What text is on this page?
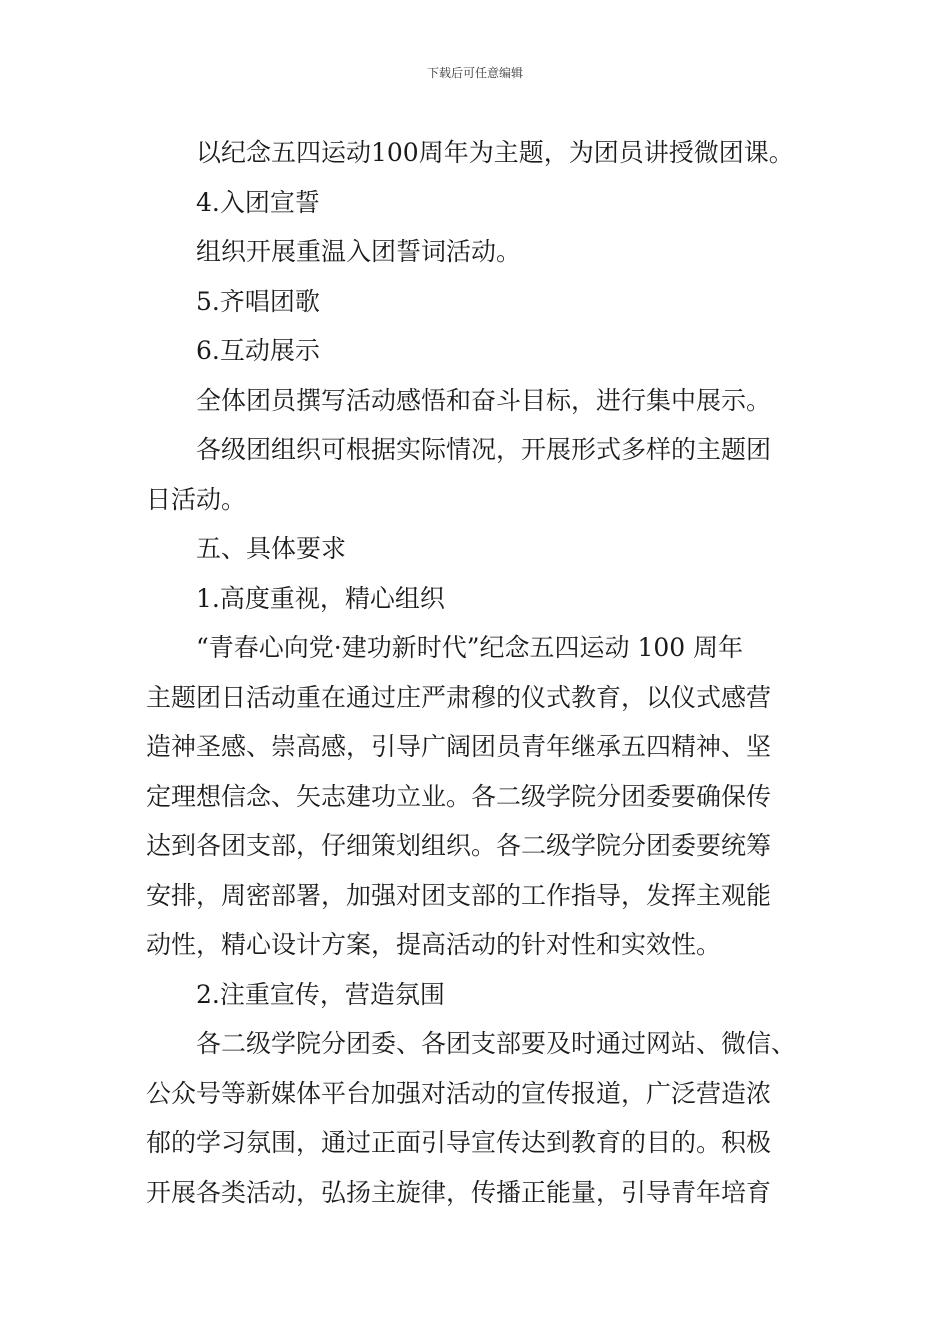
下载后可任意编辑

以纪念五四运动100周年为主题，为团员讲授微团课。

4.入团宣誓

组织开展重温入团誓词活动。

5.齐唱团歌

6.互动展示

全体团员撰写活动感悟和奋斗目标，进行集中展示。

各级团组织可根据实际情况，开展形式多样的主题团

日活动。

五、具体要求

1.高度重视，精心组织

“青春心向党·建功新时代”纪念五四运动 100 周年

主题团日活动重在通过庄严肃穆的仪式教育，以仪式感营

造神圣感、崇高感，引导广阔团员青年继承五四精神、坚

定理想信念、矢志建功立业。各二级学院分团委要确保传

达到各团支部，仔细策划组织。各二级学院分团委要统筹

安排，周密部署，加强对团支部的工作指导，发挥主观能

动性，精心设计方案，提高活动的针对性和实效性。

2.注重宣传，营造氛围

各二级学院分团委、各团支部要及时通过网站、微信、

公众号等新媒体平台加强对活动的宣传报道，广泛营造浓

郁的学习氛围，通过正面引导宣传达到教育的目的。积极

开展各类活动，弘扬主旋律，传播正能量，引导青年培育
